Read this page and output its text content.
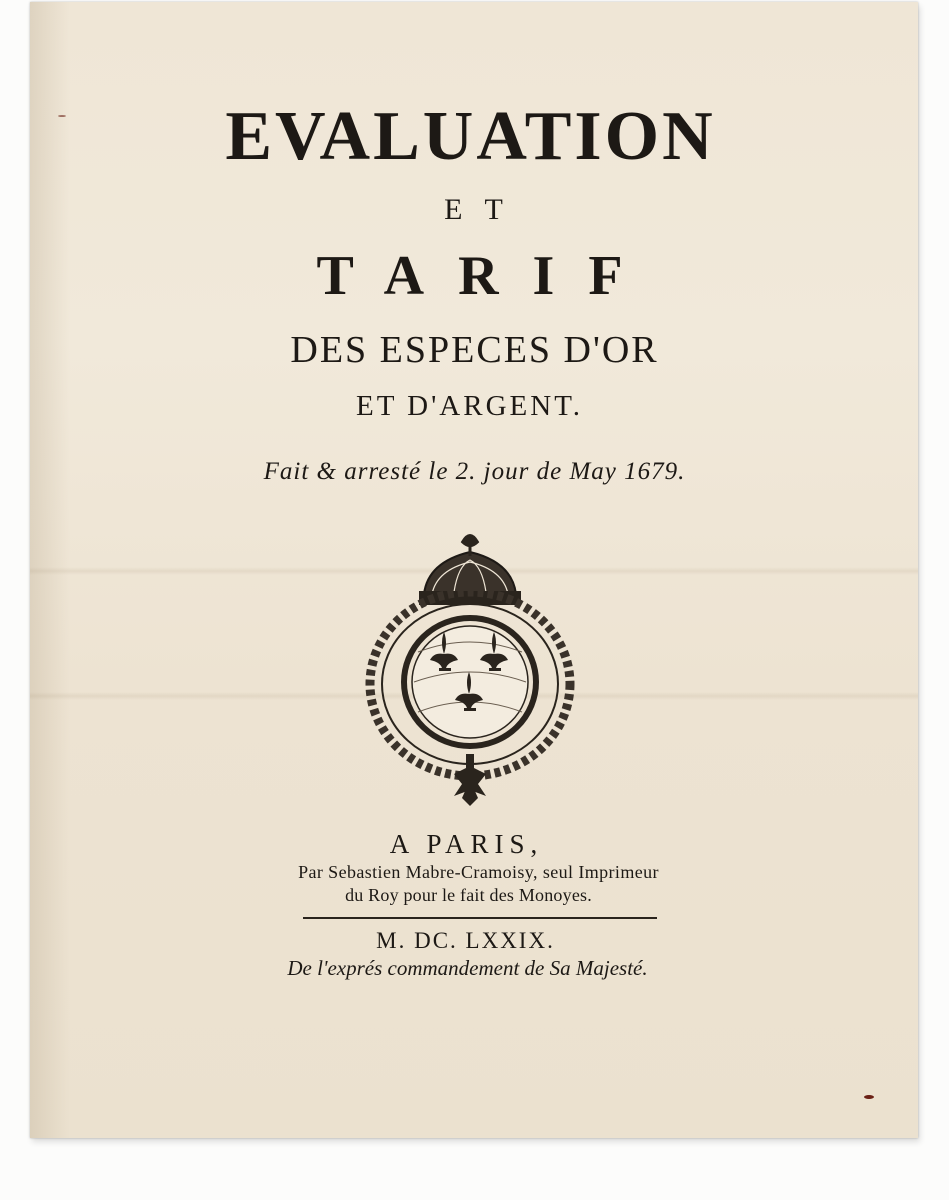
EVALUATION
ET
TARIF
DES ESPECES D'OR
ET D'ARGENT.
Fait & arresté le 2. jour de May 1679.
A PARIS,
Par Sebastien Mabre-Cramoisy, seul Imprimeur
du Roy pour le fait des Monoyes.
M. DC. LXXIX.
De l'exprés commandement de Sa Majesté.
